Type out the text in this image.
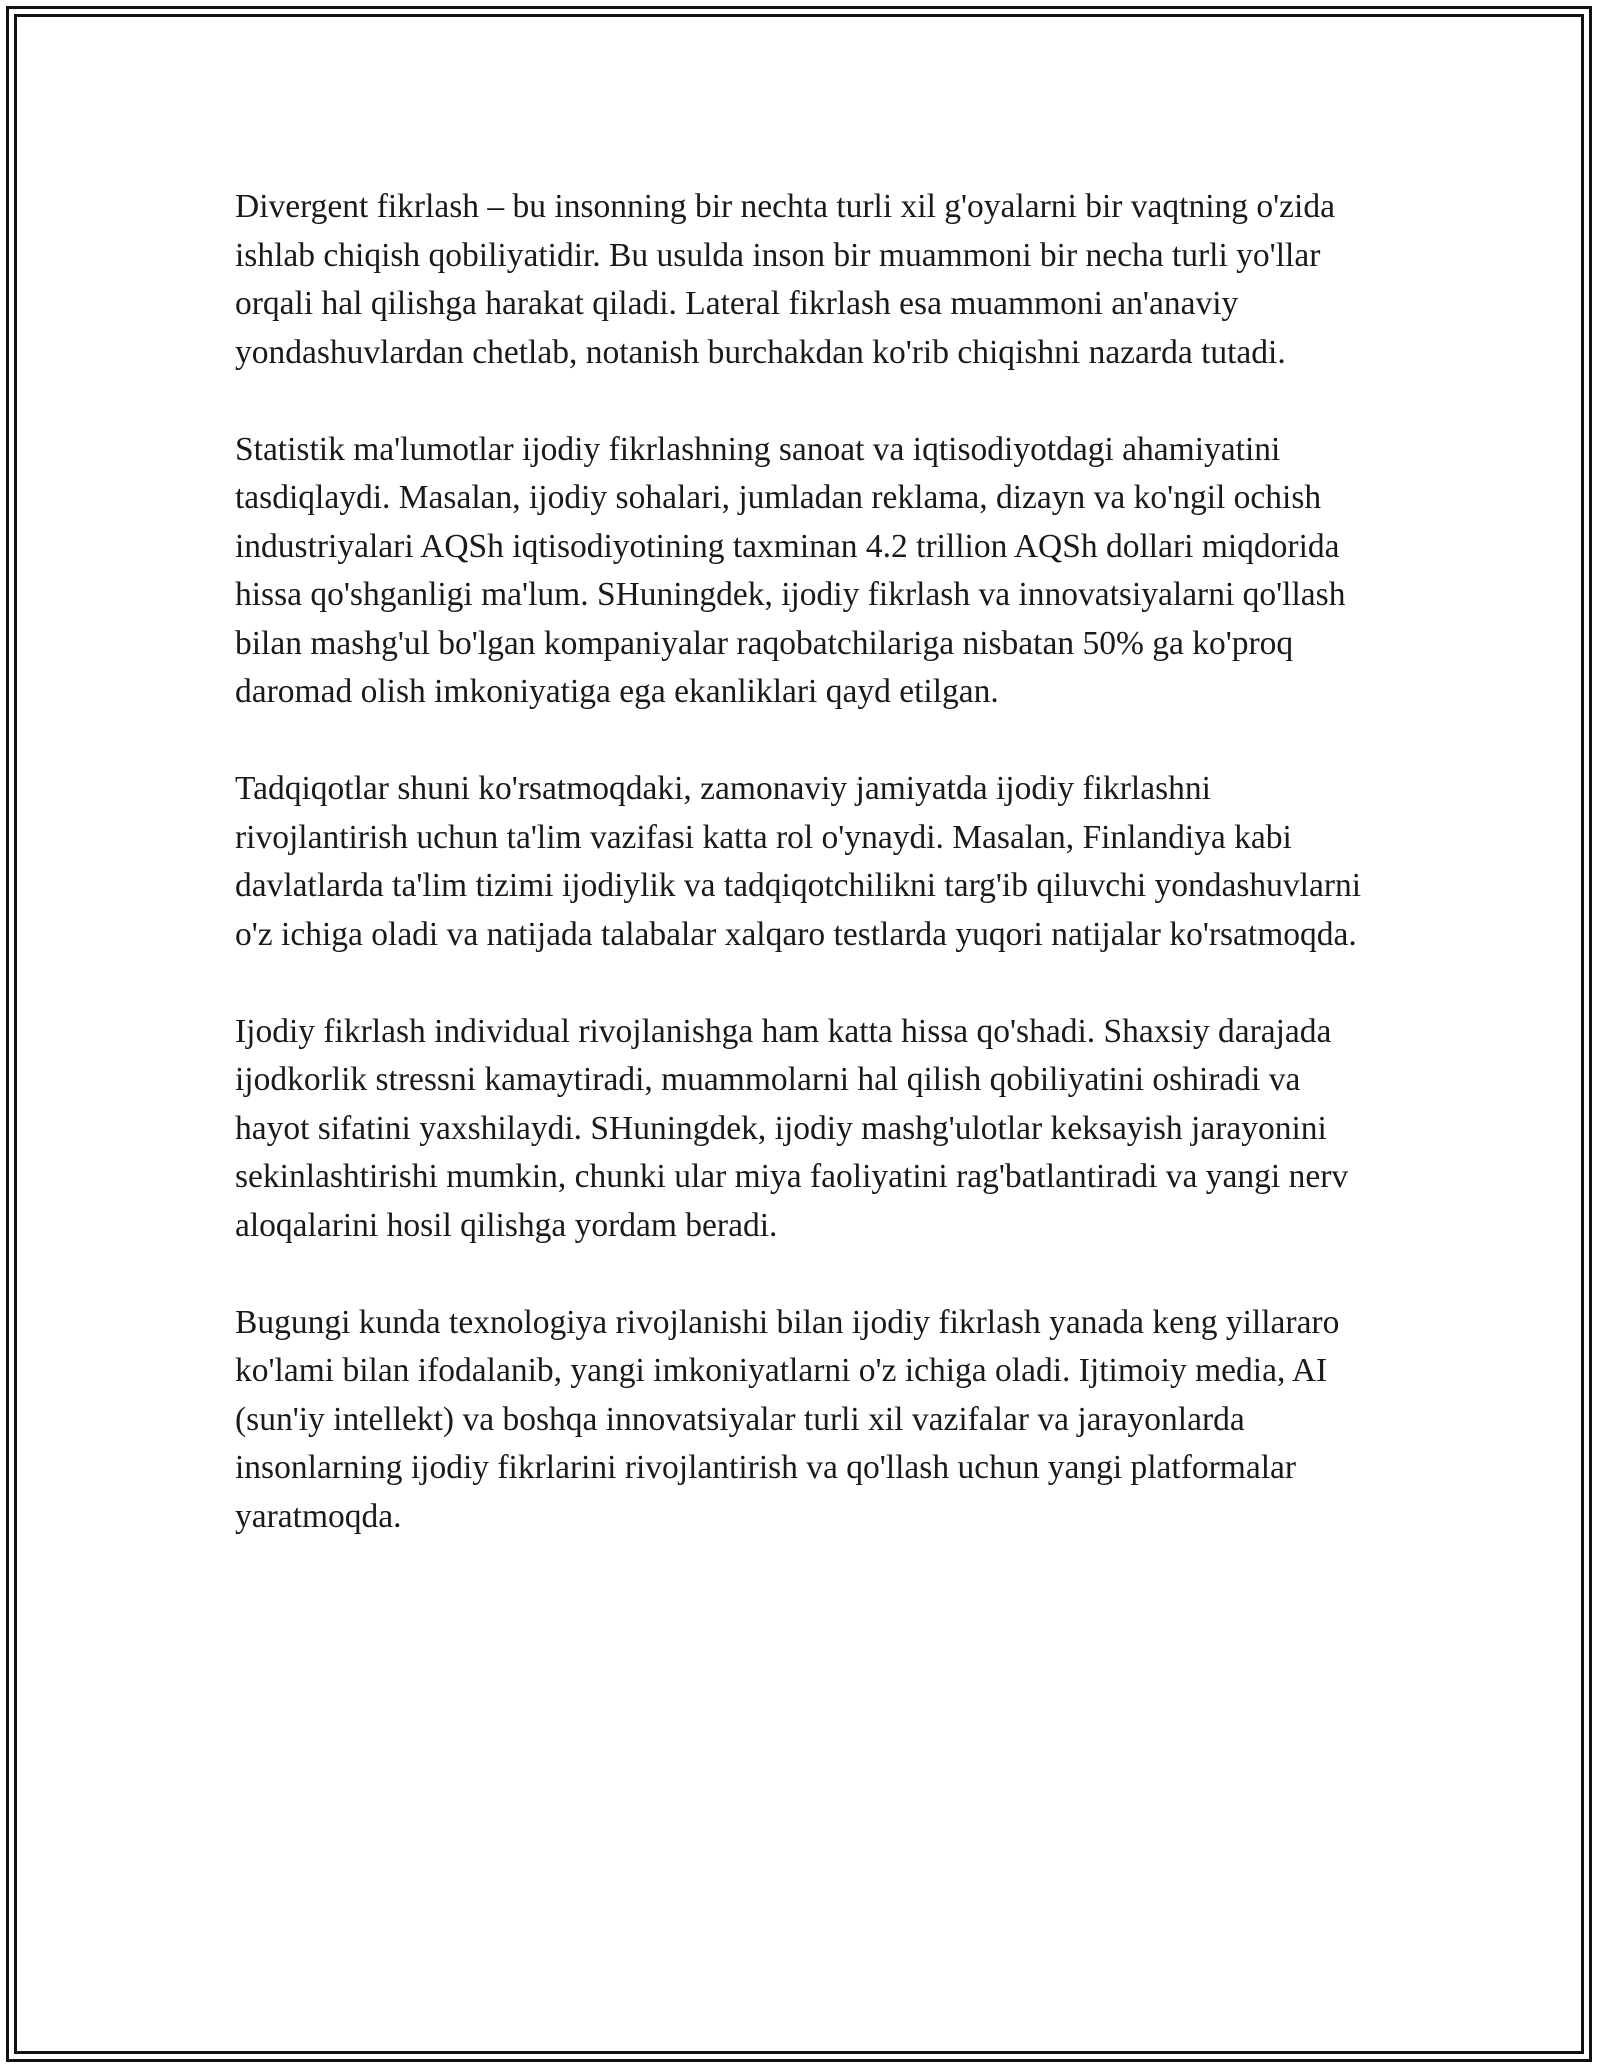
Divergent fikrlash – bu insonning bir nechta turli xil g'oyalarni bir vaqtning o'zida ishlab chiqish qobiliyatidir. Bu usulda inson bir muammoni bir necha turli yo'llar orqali hal qilishga harakat qiladi. Lateral fikrlash esa muammoni an'anaviy yondashuvlardan chetlab, notanish burchakdan ko'rib chiqishni nazarda tutadi.

Statistik ma'lumotlar ijodiy fikrlashning sanoat va iqtisodiyotdagi ahamiyatini tasdiqlaydi. Masalan, ijodiy sohalari, jumladan reklama, dizayn va ko'ngil ochish industriyalari AQSh iqtisodiyotining taxminan 4.2 trillion AQSh dollari miqdorida hissa qo'shganligi ma'lum. SHuningdek, ijodiy fikrlash va innovatsiyalarni qo'llash bilan mashg'ul bo'lgan kompaniyalar raqobatchilariga nisbatan 50% ga ko'proq daromad olish imkoniyatiga ega ekanliklari qayd etilgan.

Tadqiqotlar shuni ko'rsatmoqdaki, zamonaviy jamiyatda ijodiy fikrlashni rivojlantirish uchun ta'lim vazifasi katta rol o'ynaydi. Masalan, Finlandiya kabi davlatlarda ta'lim tizimi ijodiylik va tadqiqotchilikni targ'ib qiluvchi yondashuvlarni o'z ichiga oladi va natijada talabalar xalqaro testlarda yuqori natijalar ko'rsatmoqda.

Ijodiy fikrlash individual rivojlanishga ham katta hissa qo'shadi. Shaxsiy darajada ijodkorlik stressni kamaytiradi, muammolarni hal qilish qobiliyatini oshiradi va hayot sifatini yaxshilaydi. SHuningdek, ijodiy mashg'ulotlar keksayish jarayonini sekinlashtirishi mumkin, chunki ular miya faoliyatini rag'batlantiradi va yangi nerv aloqalarini hosil qilishga yordam beradi.

Bugungi kunda texnologiya rivojlanishi bilan ijodiy fikrlash yanada keng yillararo ko'lami bilan ifodalanib, yangi imkoniyatlarni o'z ichiga oladi. Ijtimoiy media, AI (sun'iy intellekt) va boshqa innovatsiyalar turli xil vazifalar va jarayonlarda insonlarning ijodiy fikrlarini rivojlantirish va qo'llash uchun yangi platformalar yaratmoqda.
